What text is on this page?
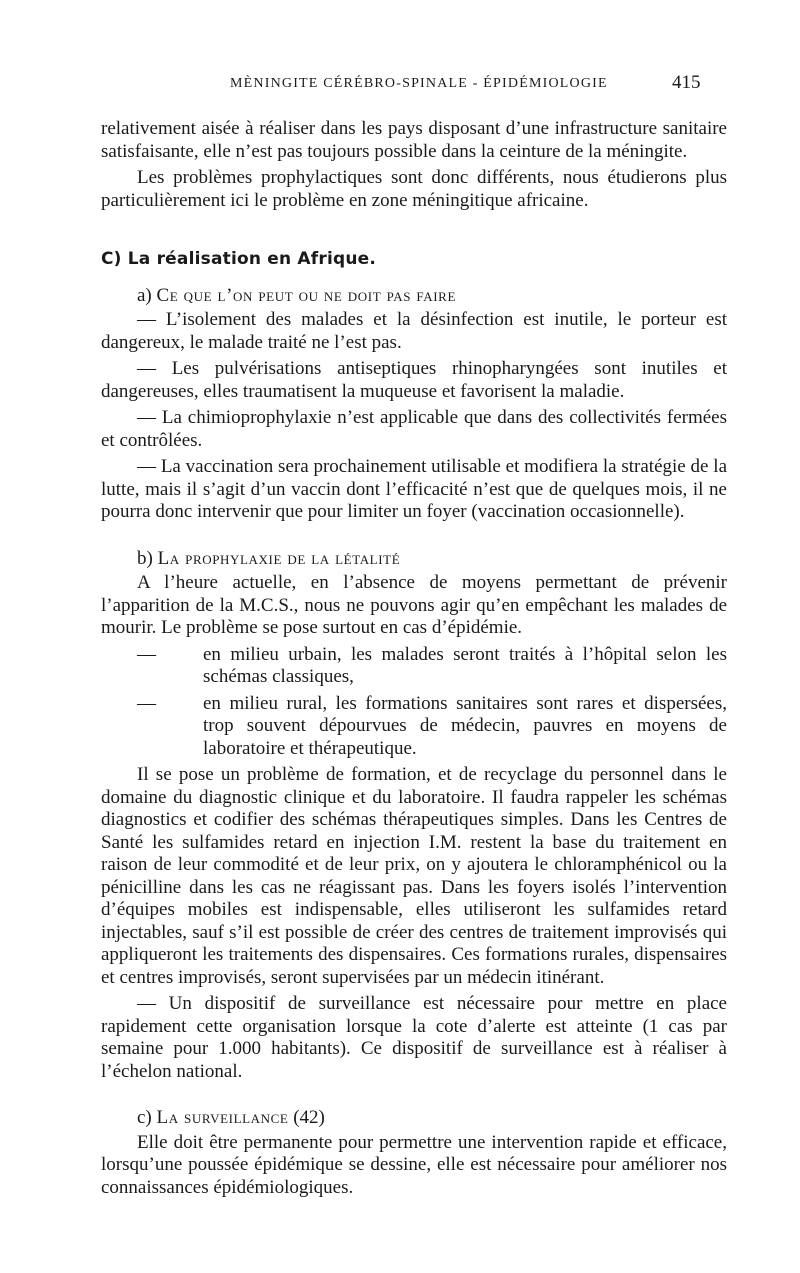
MÈNINGITE CÉRÉBRO-SPINALE - ÉPIDÉMIOLOGIE	415

relativement aisée à réaliser dans les pays disposant d’une infrastructure sanitaire satisfaisante, elle n’est pas toujours possible dans la ceinture de la méningite.

Les problèmes prophylactiques sont donc différents, nous étudierons plus particulièrement ici le problème en zone méningitique africaine.

C) La réalisation en Afrique.
a) Ce que l’on peut ou ne doit pas faire

— L’isolement des malades et la désinfection est inutile, le porteur est dangereux, le malade traité ne l’est pas.

— Les pulvérisations antiseptiques rhinopharyngées sont inutiles et dangereuses, elles traumatisent la muqueuse et favorisent la maladie.

— La chimioprophylaxie n’est applicable que dans des collectivités fermées et contrôlées.

— La vaccination sera prochainement utilisable et modifiera la stratégie de la lutte, mais il s’agit d’un vaccin dont l’efficacité n’est que de quelques mois, il ne pourra donc intervenir que pour limiter un foyer (vaccination occasionnelle).

b) La prophylaxie de la létalité

A l’heure actuelle, en l’absence de moyens permettant de prévenir l’apparition de la M.C.S., nous ne pouvons agir qu’en empêchant les malades de mourir. Le problème se pose surtout en cas d’épidémie.

— en milieu urbain, les malades seront traités à l’hôpital selon les schémas classiques,
— en milieu rural, les formations sanitaires sont rares et dispersées, trop souvent dépourvues de médecin, pauvres en moyens de laboratoire et thérapeutique.

Il se pose un problème de formation, et de recyclage du personnel dans le domaine du diagnostic clinique et du laboratoire. Il faudra rappeler les schémas diagnostics et codifier des schémas thérapeutiques simples. Dans les Centres de Santé les sulfamides retard en injection I.M. restent la base du traitement en raison de leur commodité et de leur prix, on y ajoutera le chloramphénicol ou la pénicilline dans les cas ne réagissant pas. Dans les foyers isolés l’intervention d’équipes mobiles est indispensable, elles utiliseront les sulfamides retard injectables, sauf s’il est possible de créer des centres de traitement improvisés qui appliqueront les traitements des dispensaires. Ces formations rurales, dispensaires et centres improvisés, seront supervisées par un médecin itinérant.

— Un dispositif de surveillance est nécessaire pour mettre en place rapidement cette organisation lorsque la cote d’alerte est atteinte (1 cas par semaine pour 1.000 habitants). Ce dispositif de surveillance est à réaliser à l’échelon national.

c) La surveillance (42)

Elle doit être permanente pour permettre une intervention rapide et efficace, lorsqu’une poussée épidémique se dessine, elle est nécessaire pour améliorer nos connaissances épidémiologiques.
